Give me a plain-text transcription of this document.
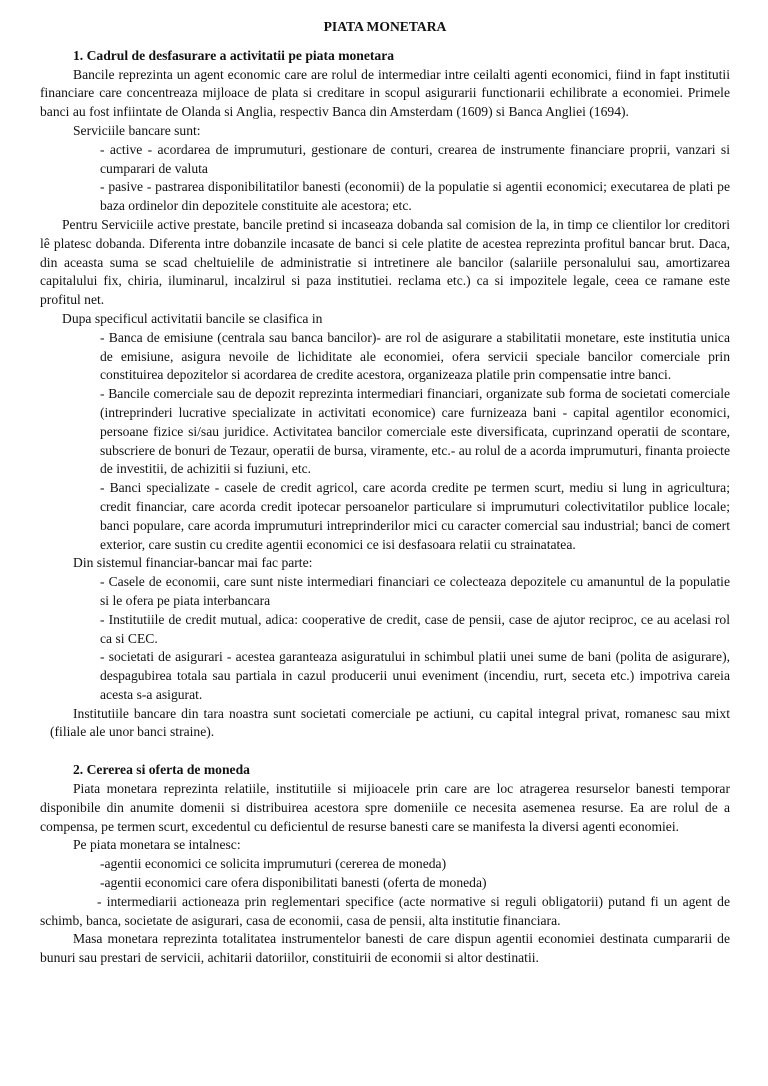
PIATA MONETARA
1. Cadrul de desfasurare a activitatii pe piata monetara

Bancile reprezinta un agent economic care are rolul de intermediar intre ceilalti agenti economici, fiind in fapt institutii financiare care concentreaza mijloace de plata si creditare in scopul asigurarii functionarii echilibrate a economiei. Primele banci au fost infiintate de Olanda si Anglia, respectiv Banca din Amsterdam (1609) si Banca Angliei (1694).

Serviciile bancare sunt:

- active - acordarea de imprumuturi, gestionare de conturi, crearea de instrumente financiare proprii, vanzari si cumparari de valuta

- pasive - pastrarea disponibilitatilor banesti (economii) de la populatie si agentii economici; executarea de plati pe baza ordinelor din depozitele constituite ale acestora; etc.

Pentru Serviciile active prestate, bancile pretind si incaseaza dobanda sal comision de la, in timp ce clientilor lor creditori lê platesc dobanda. Diferenta intre dobanzile incasate de banci si cele platite de acestea reprezinta profitul bancar brut. Daca, din aceasta suma se scad cheltuielile de administratie si intretinere ale bancilor (salariile personalului sau, amortizarea capitalului fix, chiria, iluminarul, incalzirul si paza institutiei. reclama etc.) ca si impozitele legale, ceea ce ramane este profitul net.

Dupa specificul activitatii bancile se clasifica in

- Banca de emisiune (centrala sau banca bancilor)- are rol de asigurare a stabilitatii monetare, este institutia unica de emisiune, asigura nevoile de lichiditate ale economiei, ofera servicii speciale bancilor comerciale prin constituirea depozitelor si acordarea de credite acestora, organizeaza platile prin compensatie intre banci.

- Bancile comerciale sau de depozit reprezinta intermediari financiari, organizate sub forma de societati comerciale (intreprinderi lucrative specializate in activitati economice) care furnizeaza bani - capital agentilor economici, persoane fizice si/sau juridice. Activitatea bancilor comerciale este diversificata, cuprinzand operatii de scontare, subscriere de bonuri de Tezaur, operatii de bursa, viramente, etc.- au rolul de a acorda imprumuturi, finanta proiecte de investitii, de achizitii si fuziuni, etc.

- Banci specializate - casele de credit agricol, care acorda credite pe termen scurt, mediu si lung in agricultura; credit financiar, care acorda credit ipotecar persoanelor particulare si imprumuturi colectivitatilor publice locale; banci populare, care acorda imprumuturi intreprinderilor mici cu caracter comercial sau industrial; banci de comert exterior, care sustin cu credite agentii economici ce isi desfasoara relatii cu strainatatea.

Din sistemul financiar-bancar mai fac parte:

- Casele de economii, care sunt niste intermediari financiari ce colecteaza depozitele cu amanuntul de la populatie si le ofera pe piata interbancara

- Institutiile de credit mutual, adica: cooperative de credit, case de pensii, case de ajutor reciproc, ce au acelasi rol ca si CEC.

- societati de asigurari - acestea garanteaza asiguratului in schimbul platii unei sume de bani (polita de asigurare), despagubirea totala sau partiala in cazul producerii unui eveniment (incendiu, rurt, seceta etc.) impotriva careia acesta s-a asigurat.

Institutiile bancare din tara noastra sunt societati comerciale pe actiuni, cu capital integral privat, romanesc sau mixt (filiale ale unor banci straine).

2. Cererea si oferta de moneda

Piata monetara reprezinta relatiile, institutiile si mijioacele prin care are loc atragerea resurselor banesti temporar disponibile din anumite domenii si distribuirea acestora spre domeniile ce necesita asemenea resurse. Ea are rolul de a compensa, pe termen scurt, excedentul cu deficientul de resurse banesti care se manifesta la diversi agenti economiei.

Pe piata monetara se intalnesc:

-agentii economici ce solicita imprumuturi (cererea de moneda)

-agentii economici care ofera disponibilitati banesti (oferta de moneda)

- intermediarii actioneaza prin reglementari specifice (acte normative si reguli obligatorii) putand fi un agent de schimb, banca, societate de asigurari, casa de economii, casa de pensii, alta institutie financiara.

Masa monetara reprezinta totalitatea instrumentelor banesti de care dispun agentii economiei destinata cumpararii de bunuri sau prestari de servicii, achitarii datoriilor, constituirii de economii si altor destinatii.
